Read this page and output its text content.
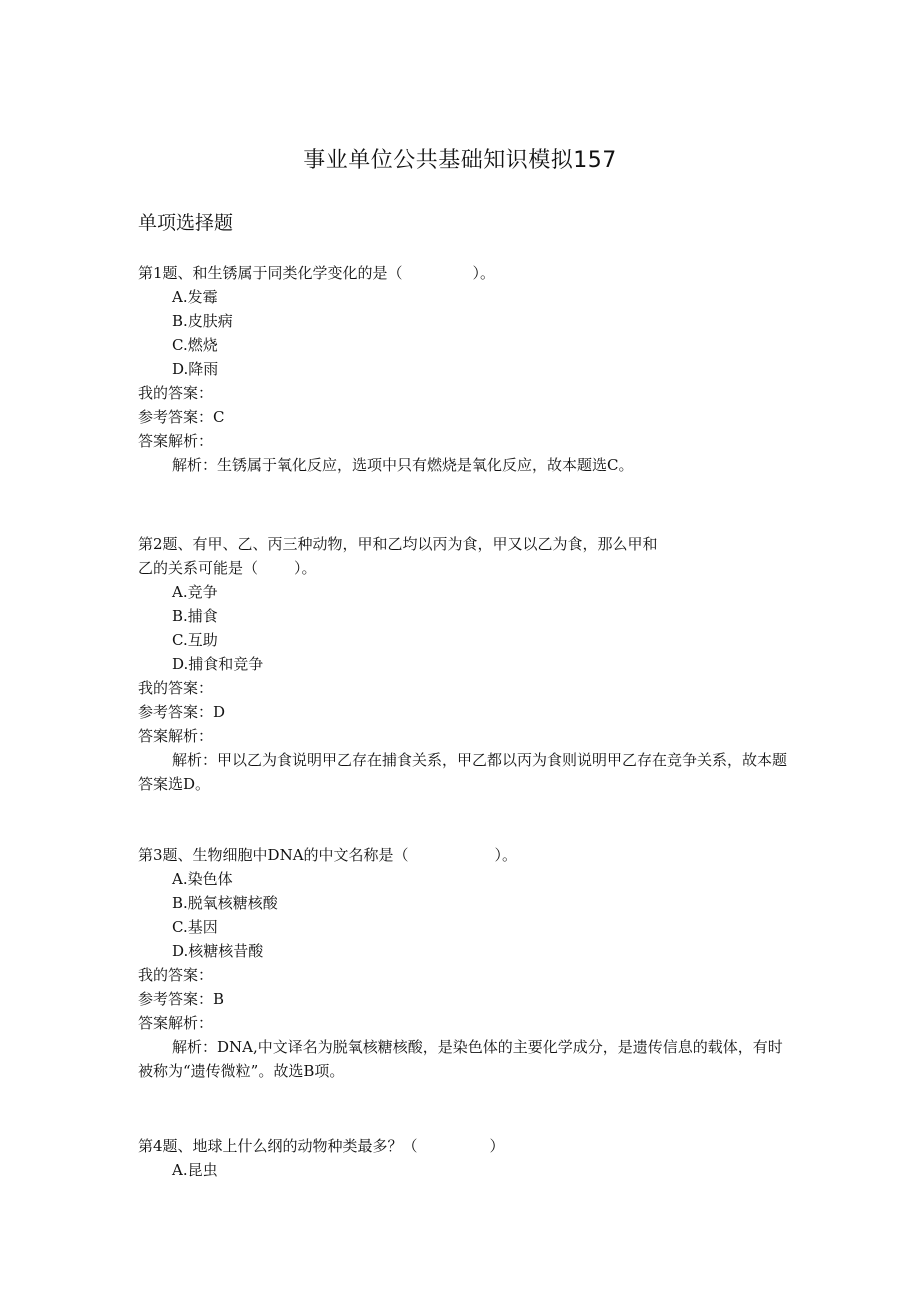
事业单位公共基础知识模拟157
单项选择题
第1题、和生锈属于同类化学变化的是（	）。
A.发霉
B.皮肤病
C.燃烧
D.降雨
我的答案：
参考答案：C
答案解析：
解析：生锈属于氧化反应，选项中只有燃烧是氧化反应，故本题选C。
第2题、有甲、乙、丙三种动物，甲和乙均以丙为食，甲又以乙为食，那么甲和
乙的关系可能是（ ）。
A.竞争
B.捕食
C.互助
D.捕食和竞争
我的答案：
参考答案：D
答案解析：
解析：甲以乙为食说明甲乙存在捕食关系，甲乙都以丙为食则说明甲乙存在竞争关系，故本题答案选D。
第3题、生物细胞中DNA的中文名称是（	）。
A.染色体
B.脱氧核糖核酸
C.基因
D.核糖核昔酸
我的答案：
参考答案：B
答案解析：
解析：DNA,中文译名为脱氧核糖核酸，是染色体的主要化学成分，是遗传信息的载体，有时被称为“遗传微粒”。故选B项。
第4题、地球上什么纲的动物种类最多？（	）
A.昆虫
